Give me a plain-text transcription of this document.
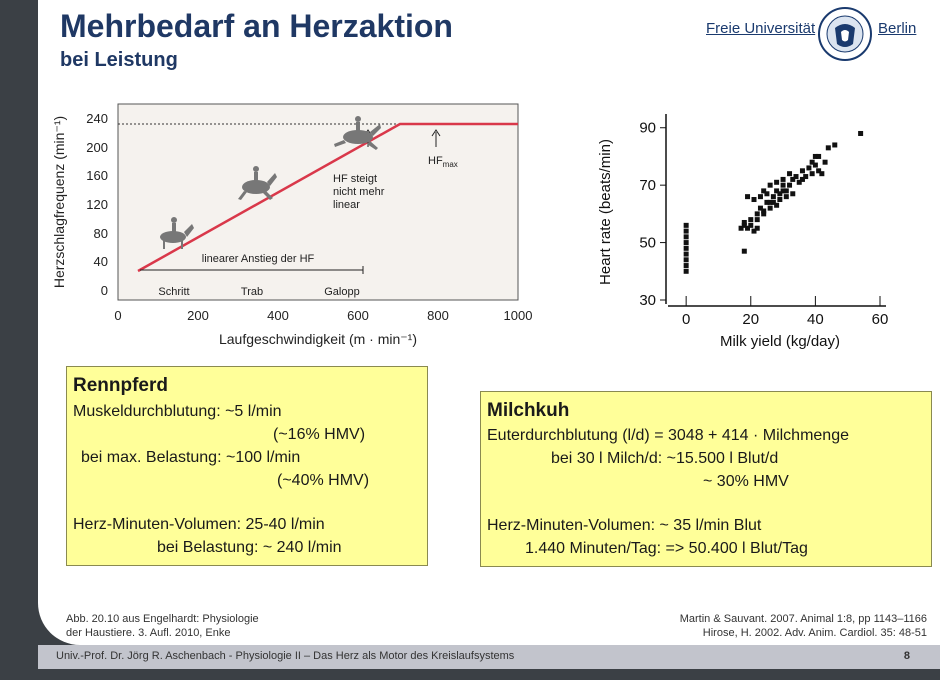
Mehrbedarf an Herzaktion
bei Leistung
Freie Universität	Berlin
Herzschlagfrequenz (min⁻¹) 240
200
160
120
80
40
0
linearer Anstieg der HF
Schritt	Trab	Galopp
HF steigt
nicht mehr
linear
$HF_{max}$
0	200	400	600	800	1000
Laufgeschwindigkeit (m · min⁻¹)
Heart rate (beats/min)
0	20	40	60
30
50
70
90
Milk yield (kg/day)
Rennpferd
Muskeldurchblutung: ~5 l/min
(~16% HMV)
bei max. Belastung: ~100 l/min
(~40% HMV)
Herz-Minuten-Volumen: 25-40 l/min
bei Belastung: ~ 240 l/min
Milchkuh
Euterdurchblutung (l/d) = 3048 + 414 · Milchmenge
bei 30 l Milch/d: ~15.500 l Blut/d
~ 30% HMV
Herz-Minuten-Volumen: ~ 35 l/min Blut
1.440 Minuten/Tag: => 50.400 l Blut/Tag
Abb. 20.10 aus Engelhardt: Physiologie
der Haustiere. 3. Aufl. 2010, Enke
Martin & Sauvant. 2007. Animal 1:8, pp 1143–1166
Hirose, H. 2002. Adv. Anim. Cardiol. 35: 48-51
Univ.-Prof. Dr. Jörg R. Aschenbach - Physiologie II – Das Herz als Motor des Kreislaufsystems	8
